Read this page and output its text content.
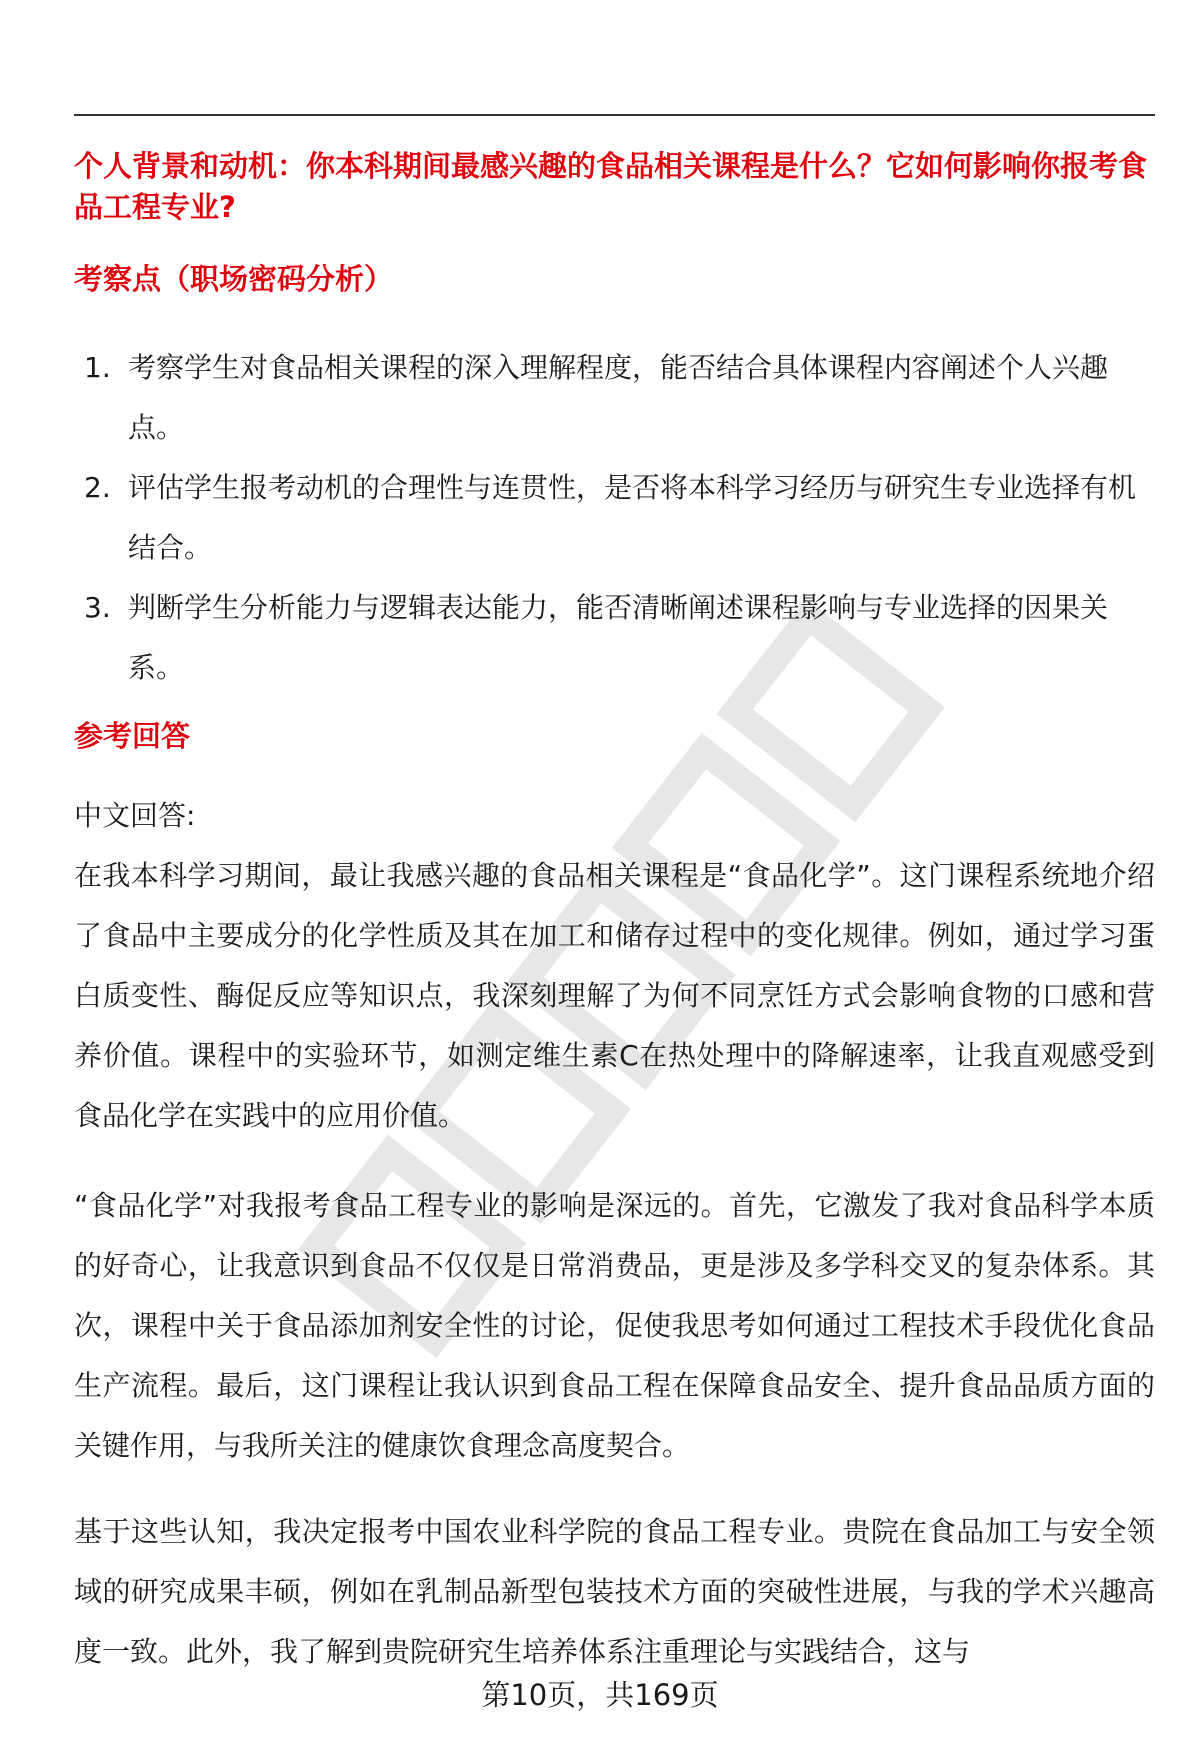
个人背景和动机：你本科期间最感兴趣的食品相关课程是什么？它如何影响你报考食品工程专业?
考察点（职场密码分析）
1. 考察学生对食品相关课程的深入理解程度，能否结合具体课程内容阐述个人兴趣点。
2. 评估学生报考动机的合理性与连贯性，是否将本科学习经历与研究生专业选择有机结合。
3. 判断学生分析能力与逻辑表达能力，能否清晰阐述课程影响与专业选择的因果关系。
参考回答

中文回答:

在我本科学习期间，最让我感兴趣的食品相关课程是“食品化学”。这门课程系统地介绍了食品中主要成分的化学性质及其在加工和储存过程中的变化规律。例如，通过学习蛋白质变性、酶促反应等知识点，我深刻理解了为何不同烹饪方式会影响食物的口感和营养价值。课程中的实验环节，如测定维生素C在热处理中的降解速率，让我直观感受到食品化学在实践中的应用价值。

“食品化学”对我报考食品工程专业的影响是深远的。首先，它激发了我对食品科学本质的好奇心，让我意识到食品不仅仅是日常消费品，更是涉及多学科交叉的复杂体系。其次，课程中关于食品添加剂安全性的讨论，促使我思考如何通过工程技术手段优化食品生产流程。最后，这门课程让我认识到食品工程在保障食品安全、提升食品品质方面的关键作用，与我所关注的健康饮食理念高度契合。

基于这些认知，我决定报考中国农业科学院的食品工程专业。贵院在食品加工与安全领域的研究成果丰硕，例如在乳制品新型包装技术方面的突破性进展，与我的学术兴趣高度一致。此外，我了解到贵院研究生培养体系注重理论与实践结合，这与

第10页，共169页
